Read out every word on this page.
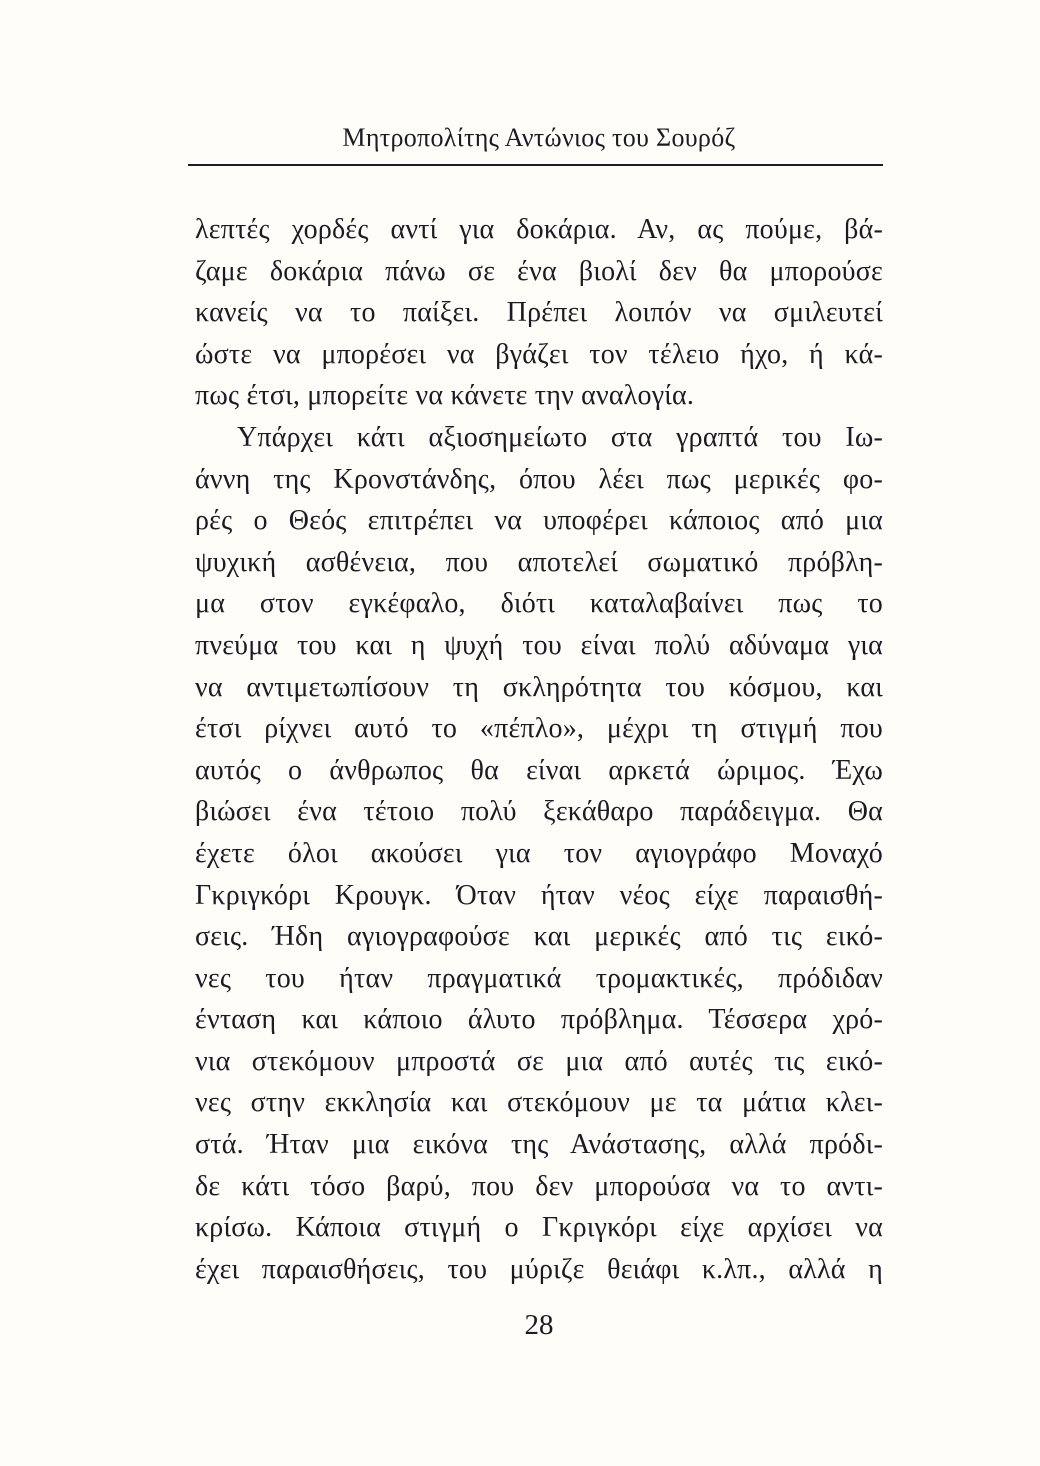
Μητροπολίτης Αντώνιος του Σουρόζ
λεπτές χορδές αντί για δοκάρια. Αν, ας πούμε, βά-
ζαμε δοκάρια πάνω σε ένα βιολί δεν θα μπορούσε
κανείς να το παίξει. Πρέπει λοιπόν να σμιλευτεί
ώστε να μπορέσει να βγάζει τον τέλειο ήχο, ή κά-
πως έτσι, μπορείτε να κάνετε την αναλογία.
Υπάρχει κάτι αξιοσημείωτο στα γραπτά του Ιω-
άννη της Κρονστάνδης, όπου λέει πως μερικές φο-
ρές ο Θεός επιτρέπει να υποφέρει κάποιος από μια
ψυχική ασθένεια, που αποτελεί σωματικό πρόβλη-
μα στον εγκέφαλο, διότι καταλαβαίνει πως το
πνεύμα του και η ψυχή του είναι πολύ αδύναμα για
να αντιμετωπίσουν τη σκληρότητα του κόσμου, και
έτσι ρίχνει αυτό το «πέπλο», μέχρι τη στιγμή που
αυτός ο άνθρωπος θα είναι αρκετά ώριμος. Έχω
βιώσει ένα τέτοιο πολύ ξεκάθαρο παράδειγμα. Θα
έχετε όλοι ακούσει για τον αγιογράφο Μοναχό
Γκριγκόρι Κρουγκ. Όταν ήταν νέος είχε παραισθή-
σεις. Ήδη αγιογραφούσε και μερικές από τις εικό-
νες του ήταν πραγματικά τρομακτικές, πρόδιδαν
ένταση και κάποιο άλυτο πρόβλημα. Τέσσερα χρό-
νια στεκόμουν μπροστά σε μια από αυτές τις εικό-
νες στην εκκλησία και στεκόμουν με τα μάτια κλει-
στά. Ήταν μια εικόνα της Ανάστασης, αλλά πρόδι-
δε κάτι τόσο βαρύ, που δεν μπορούσα να το αντι-
κρίσω. Κάποια στιγμή ο Γκριγκόρι είχε αρχίσει να
έχει παραισθήσεις, του μύριζε θειάφι κ.λπ., αλλά η
28
